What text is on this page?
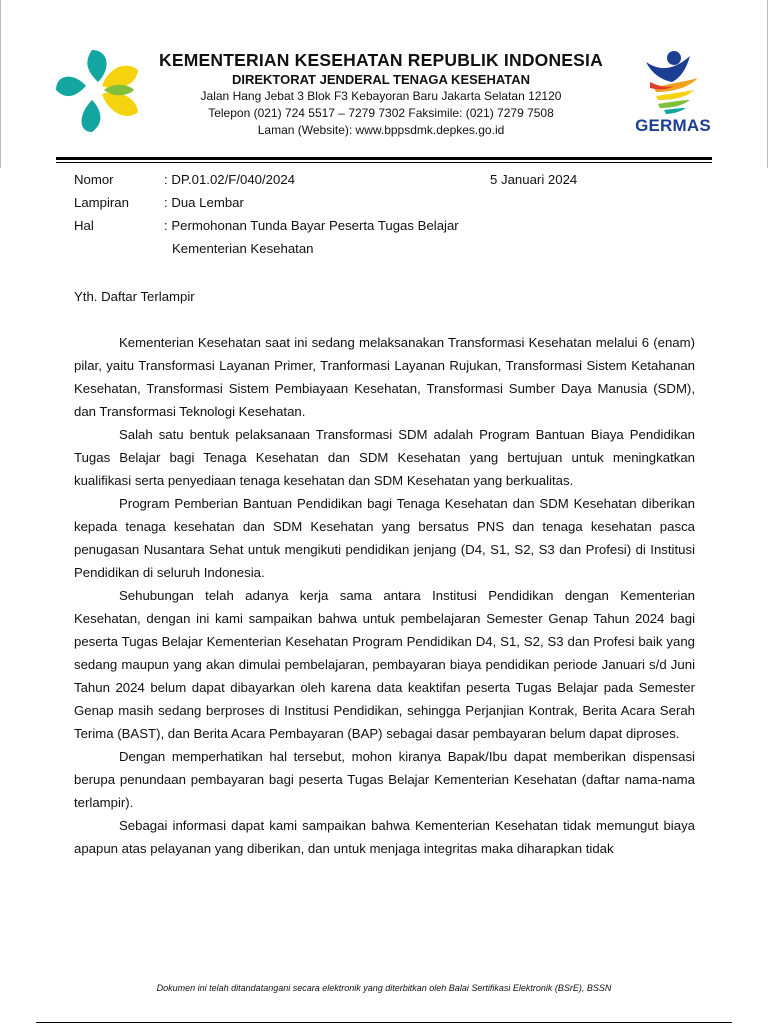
KEMENTERIAN KESEHATAN REPUBLIK INDONESIA
DIREKTORAT JENDERAL TENAGA KESEHATAN
Jalan Hang Jebat 3 Blok F3 Kebayoran Baru Jakarta Selatan 12120
Telepon (021) 724 5517 – 7279 7302 Faksimile: (021) 7279 7508
Laman (Website): www.bppsdmk.depkes.go.id	GERMAS
Nomor	: DP.01.02/F/040/2024	5 Januari 2024
Lampiran	: Dua Lembar
Hal	: Permohonan Tunda Bayar Peserta Tugas Belajar
Kementerian Kesehatan
Yth. Daftar Terlampir

Kementerian Kesehatan saat ini sedang melaksanakan Transformasi Kesehatan melalui 6 (enam) pilar, yaitu Transformasi Layanan Primer, Tranformasi Layanan Rujukan, Transformasi Sistem Ketahanan Kesehatan, Transformasi Sistem Pembiayaan Kesehatan, Transformasi Sumber Daya Manusia (SDM), dan Transformasi Teknologi Kesehatan.

Salah satu bentuk pelaksanaan Transformasi SDM adalah Program Bantuan Biaya Pendidikan Tugas Belajar bagi Tenaga Kesehatan dan SDM Kesehatan yang bertujuan untuk meningkatkan kualifikasi serta penyediaan tenaga kesehatan dan SDM Kesehatan yang berkualitas.

Program Pemberian Bantuan Pendidikan bagi Tenaga Kesehatan dan SDM Kesehatan diberikan kepada tenaga kesehatan dan SDM Kesehatan yang bersatus PNS dan tenaga kesehatan pasca penugasan Nusantara Sehat untuk mengikuti pendidikan jenjang (D4, S1, S2, S3 dan Profesi) di Institusi Pendidikan di seluruh Indonesia.

Sehubungan telah adanya kerja sama antara Institusi Pendidikan dengan Kementerian Kesehatan, dengan ini kami sampaikan bahwa untuk pembelajaran Semester Genap Tahun 2024 bagi peserta Tugas Belajar Kementerian Kesehatan Program Pendidikan D4, S1, S2, S3 dan Profesi baik yang sedang maupun yang akan dimulai pembelajaran, pembayaran biaya pendidikan periode Januari s/d Juni Tahun 2024 belum dapat dibayarkan oleh karena data keaktifan peserta Tugas Belajar pada Semester Genap masih sedang berproses di Institusi Pendidikan, sehingga Perjanjian Kontrak, Berita Acara Serah Terima (BAST), dan Berita Acara Pembayaran (BAP) sebagai dasar pembayaran belum dapat diproses.

Dengan memperhatikan hal tersebut, mohon kiranya Bapak/Ibu dapat memberikan dispensasi berupa penundaan pembayaran bagi peserta Tugas Belajar Kementerian Kesehatan (daftar nama-nama terlampir).

Sebagai informasi dapat kami sampaikan bahwa Kementerian Kesehatan tidak memungut biaya apapun atas pelayanan yang diberikan, dan untuk menjaga integritas maka diharapkan tidak

Dokumen ini telah ditandatangani secara elektronik yang diterbitkan oleh Balai Sertifikasi Elektronik (BSrE), BSSN
